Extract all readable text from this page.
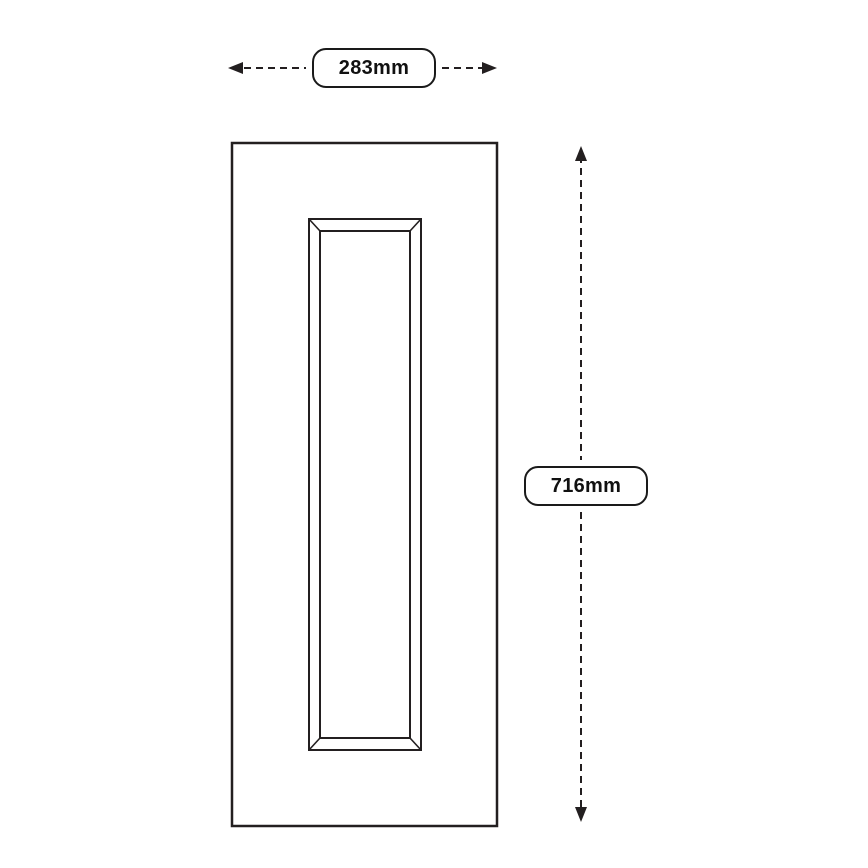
283mm
716mm
